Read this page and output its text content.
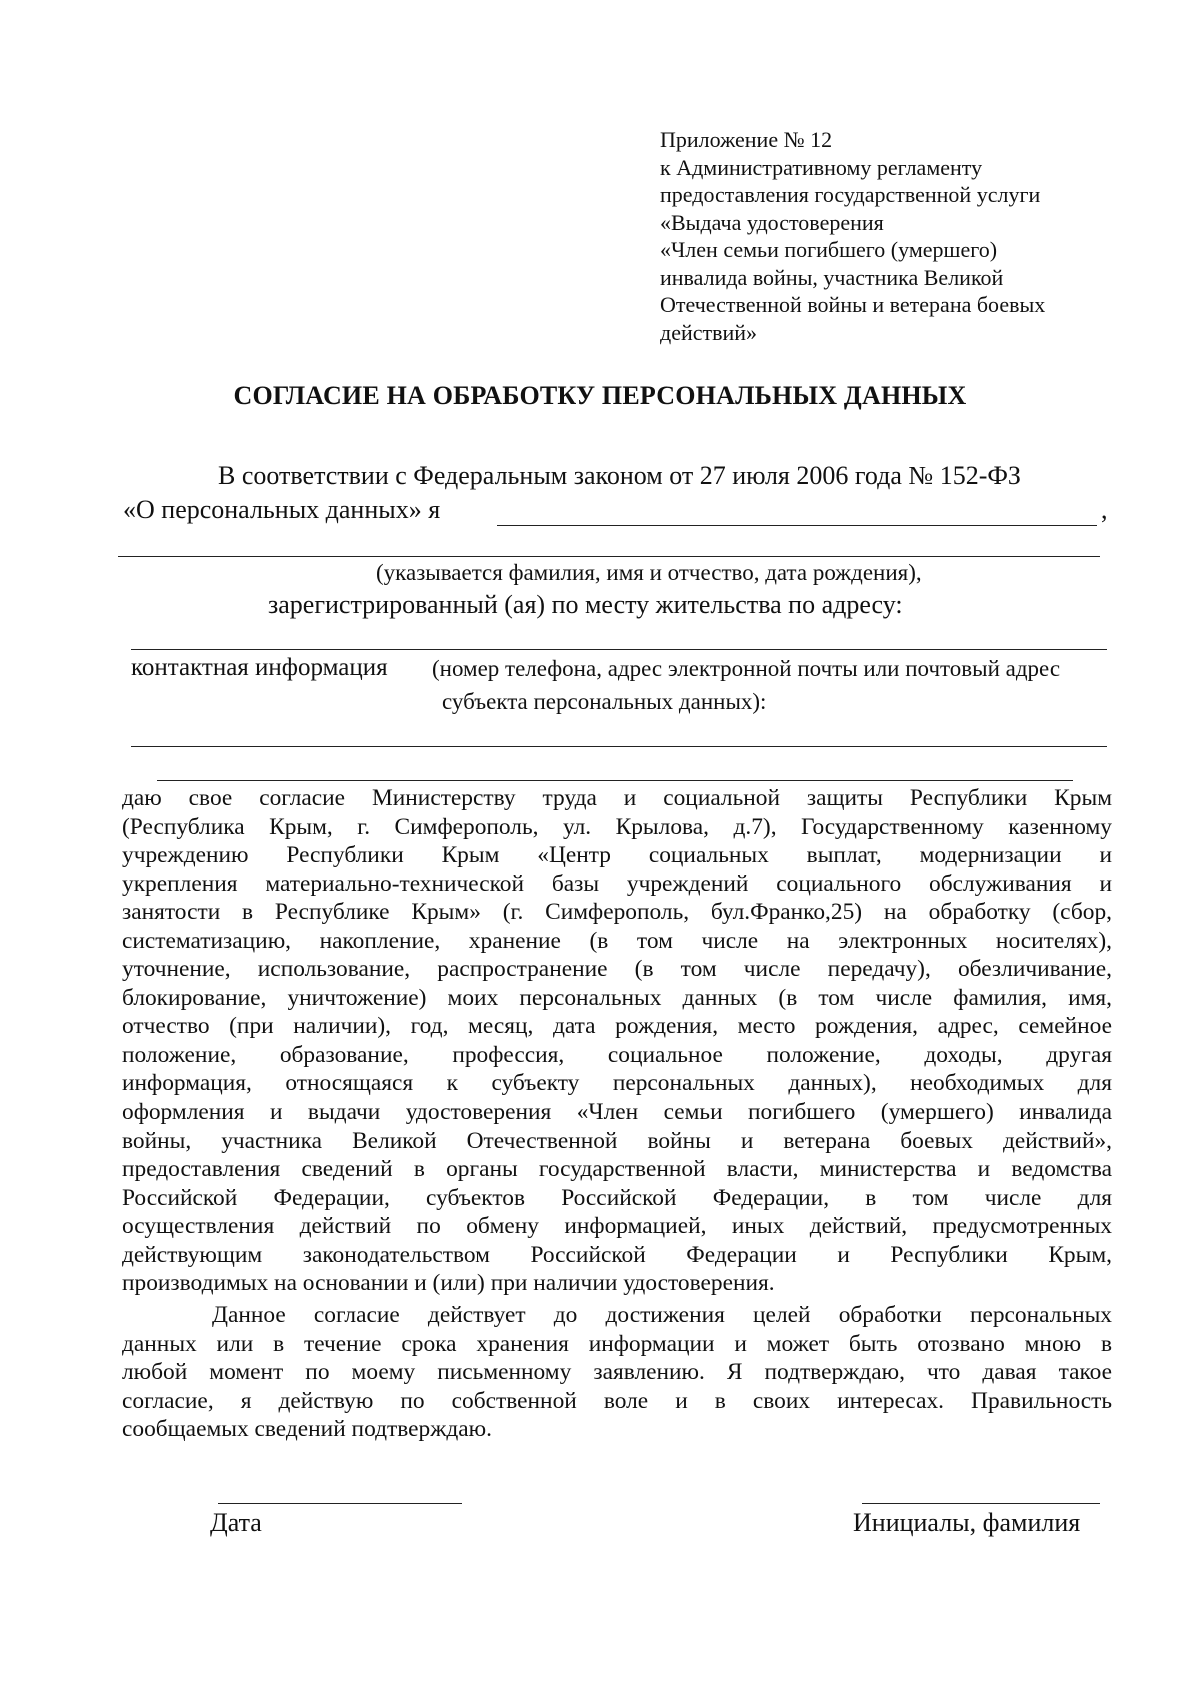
Приложение № 12
к Административному регламенту
предоставления государственной услуги
«Выдача удостоверения
«Член семьи погибшего (умершего)
инвалида войны, участника Великой
Отечественной войны и ветерана боевых
действий»
СОГЛАСИЕ НА ОБРАБОТКУ ПЕРСОНАЛЬНЫХ ДАННЫХ
В соответствии с Федеральным законом от 27 июля 2006 года № 152-ФЗ
«О персональных данных» я	,
(указывается фамилия, имя и отчество, дата рождения),
зарегистрированный (ая) по месту жительства по адресу:
контактная информация (номер телефона, адрес электронной почты или почтовый адрес
субъекта персональных данных):
даю свое согласие Министерству труда и социальной защиты Республики Крым
(Республика Крым, г. Симферополь, ул. Крылова, д.7), Государственному казенному
учреждению Республики Крым «Центр социальных выплат, модернизации и
укрепления материально-технической базы учреждений социального обслуживания и
занятости в Республике Крым» (г. Симферополь, бул.Франко,25) на обработку (сбор,
систематизацию, накопление, хранение (в том числе на электронных носителях),
уточнение, использование, распространение (в том числе передачу), обезличивание,
блокирование, уничтожение) моих персональных данных (в том числе фамилия, имя,
отчество (при наличии), год, месяц, дата рождения, место рождения, адрес, семейное
положение, образование, профессия, социальное положение, доходы, другая
информация, относящаяся к субъекту персональных данных), необходимых для
оформления и выдачи удостоверения «Член семьи погибшего (умершего) инвалида
войны, участника Великой Отечественной войны и ветерана боевых действий»,
предоставления сведений в органы государственной власти, министерства и ведомства
Российской Федерации, субъектов Российской Федерации, в том числе для
осуществления действий по обмену информацией, иных действий, предусмотренных
действующим законодательством Российской Федерации и Республики Крым,
производимых на основании и (или) при наличии удостоверения.
Данное согласие действует до достижения целей обработки персональных
данных или в течение срока хранения информации и может быть отозвано мною в
любой момент по моему письменному заявлению. Я подтверждаю, что давая такое
согласие, я действую по собственной воле и в своих интересах. Правильность
сообщаемых сведений подтверждаю.
Дата	Инициалы, фамилия
